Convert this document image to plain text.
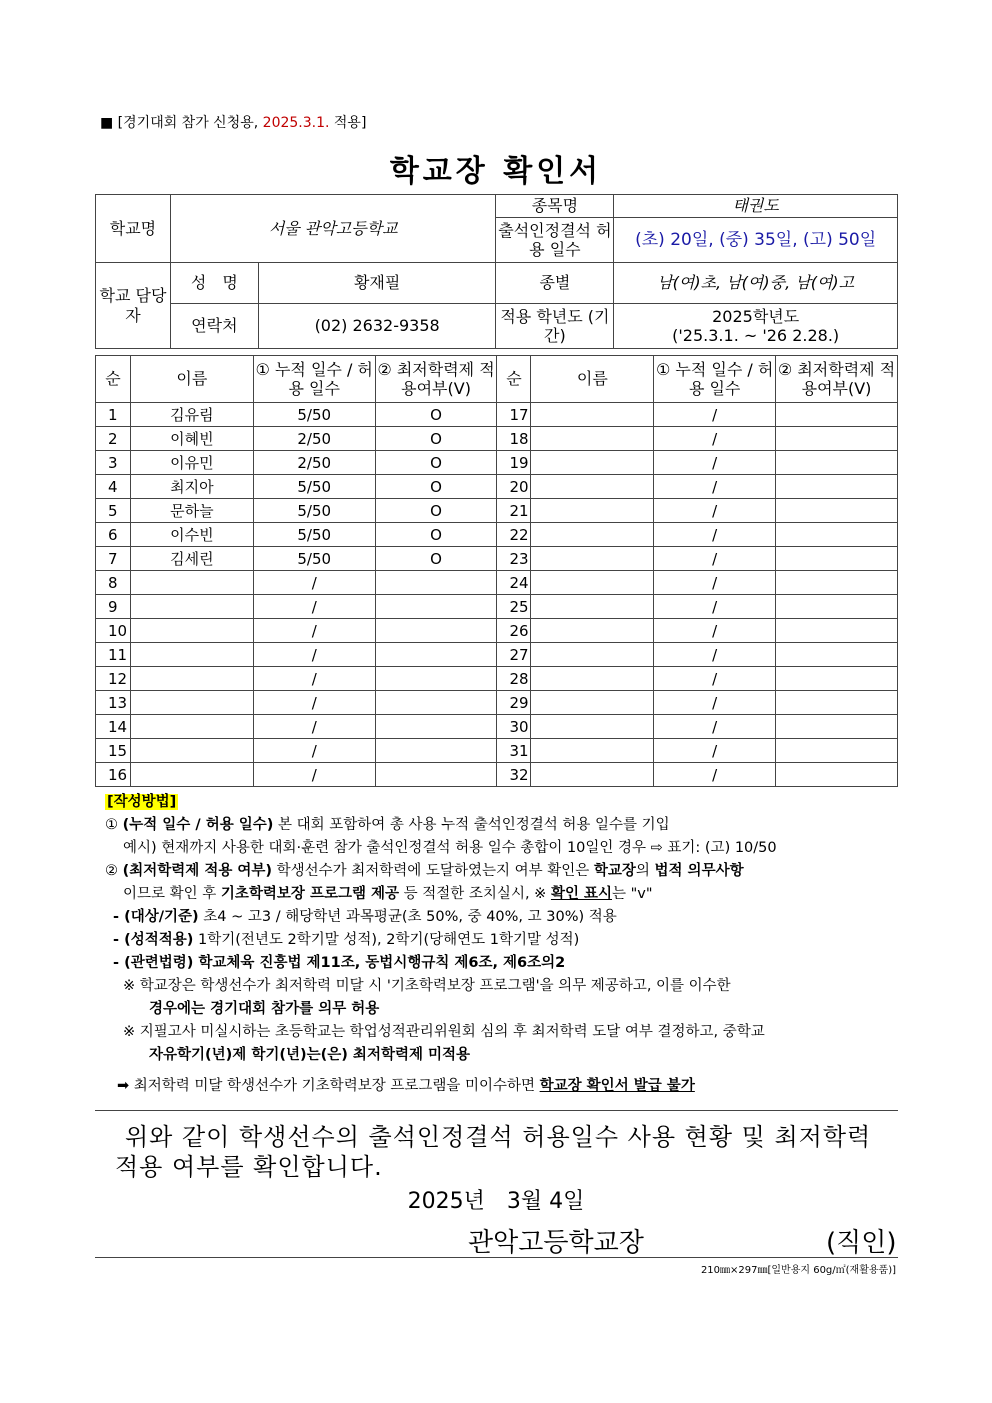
■ [경기대회 참가 신청용, 2025.3.1. 적용]
학교장 확인서
학교명	서울 관악고등학교		종목명	태권도
			출석인정결석 허용 일수	(초) 20일, (중) 35일, (고) 50일
학교 담당자	성　명	황재필	종별	남(여)초, 남(여)중, 남(여)고
	연락처	(02) 2632-9358	적용 학년도 (기간)	2025학년도
('25.3.1. ~ '26 2.28.)
순	이름	① 누적 일수 / 허용 일수	② 최저학력제 적용여부(V)	순	이름	① 누적 일수 / 허용 일수	② 최저학력제 적용여부(V)
1	김유림	5/50	O	17		/	
2	이혜빈	2/50	O	18		/	
3	이유민	2/50	O	19		/	
4	최지아	5/50	O	20		/	
5	문하늘	5/50	O	21		/	
6	이수빈	5/50	O	22		/	
7	김세린	5/50	O	23		/	
8		/		24		/	
9		/		25		/	
10		/		26		/	
11		/		27		/	
12		/		28		/	
13		/		29		/	
14		/		30		/	
15		/		31		/	
16		/		32		/	
[작성방법]
① (누적 일수 / 허용 일수) 본 대회 포함하여 총 사용 누적 출석인정결석 허용 일수를 기입
예시) 현재까지 사용한 대회·훈련 참가 출석인정결석 허용 일수 총합이 10일인 경우 ⇨ 표기: (고) 10/50
② (최저학력제 적용 여부) 학생선수가 최저학력에 도달하였는지 여부 확인은 학교장의 법적 의무사항
이므로 확인 후 기초학력보장 프로그램 제공 등 적절한 조치실시, ※ 확인 표시는 "v"
- (대상/기준) 초4 ~ 고3 / 해당학년 과목평균(초 50%, 중 40%, 고 30%) 적용
- (성적적용) 1학기(전년도 2학기말 성적), 2학기(당해연도 1학기말 성적)
- (관련법령) 학교체육 진흥법 제11조, 동법시행규칙 제6조, 제6조의2
※ 학교장은 학생선수가 최저학력 미달 시 '기초학력보장 프로그램'을 의무 제공하고, 이를 이수한
경우에는 경기대회 참가를 의무 허용
※ 지필고사 미실시하는 초등학교는 학업성적관리위원회 심의 후 최저학력 도달 여부 결정하고, 중학교
자유학기(년)제 학기(년)는(은) 최저학력제 미적용
➡ 최저학력 미달 학생선수가 기초학력보장 프로그램을 미이수하면 학교장 확인서 발급 불가
위와 같이 학생선수의 출석인정결석 허용일수 사용 현황 및 최저학력
적용 여부를 확인합니다.
2025년　3월 4일
관악고등학교장	(직인)
210㎜×297㎜[일반용지 60g/㎡(재활용품)]
